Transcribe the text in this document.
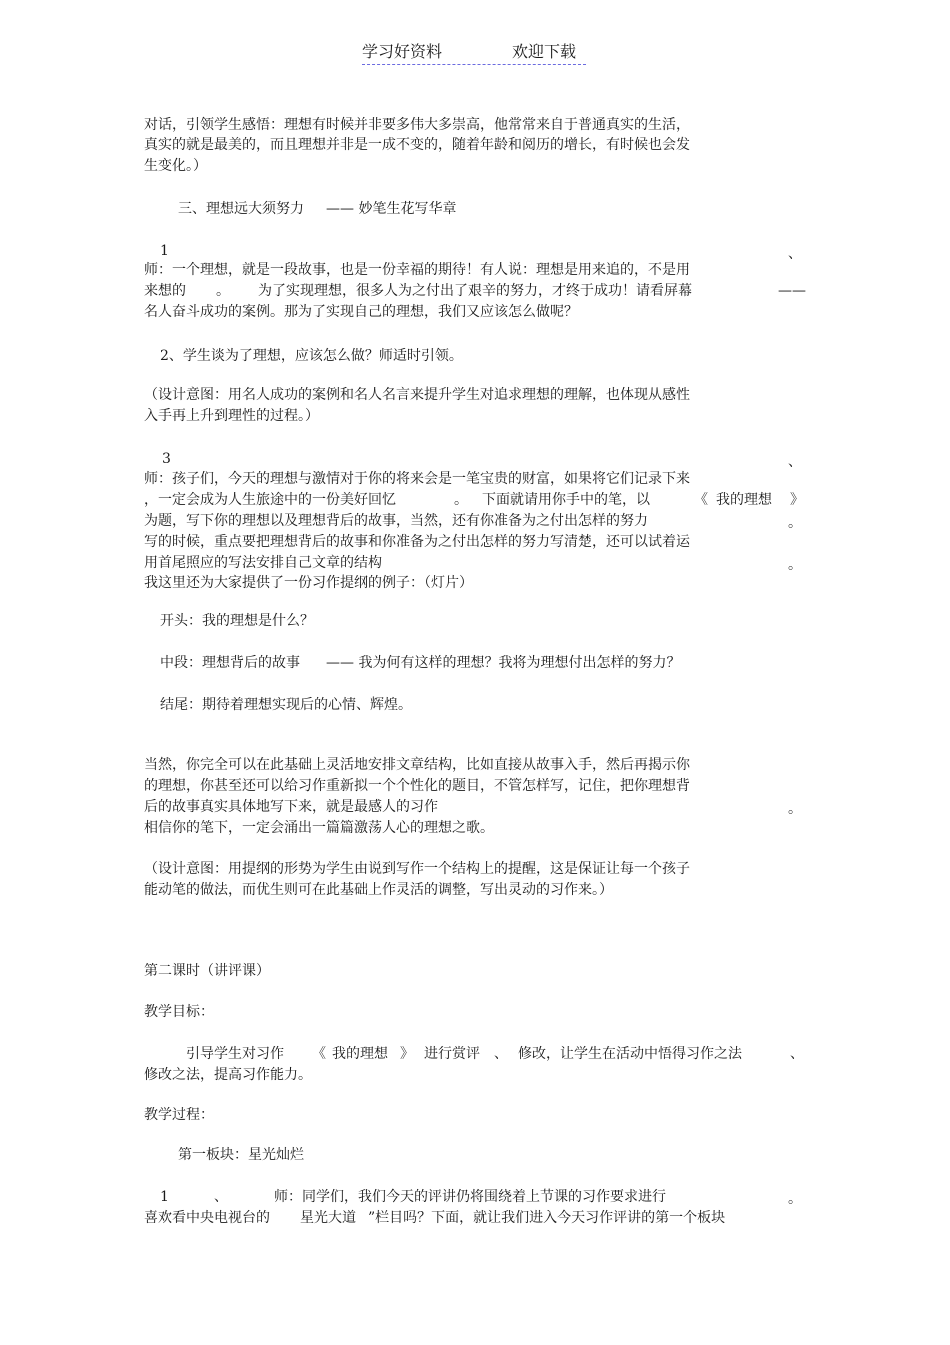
学习好资料	欢迎下载
对话，引领学生感悟：理想有时候并非要多伟大多崇高，他常常来自于普通真实的生活，
真实的就是最美的，而且理想并非是一成不变的，随着年龄和阅历的增长，有时候也会发
生变化。）
三、理想远大须努力 —— 妙笔生花写华章
1	、
师：一个理想，就是一段故事，也是一份幸福的期待！有人说：理想是用来追的，不是用
来想的 。 为了实现理想，很多人为之付出了艰辛的努力，才终于成功！请看屏幕	——
名人奋斗成功的案例。那为了实现自己的理想，我们又应该怎么做呢？
2、学生谈为了理想，应该怎么做？师适时引领。
（设计意图：用名人成功的案例和名人名言来提升学生对追求理想的理解，也体现从感性
入手再上升到理性的过程。）
3	、
师：孩子们，今天的理想与激情对于你的将来会是一笔宝贵的财富，如果将它们记录下来
，一定会成为人生旅途中的一份美好回忆	。 下面就请用你手中的笔，以	《 我的理想 》
为题，写下你的理想以及理想背后的故事，当然，还有你准备为之付出怎样的努力	。
写的时候，重点要把理想背后的故事和你准备为之付出怎样的努力写清楚，还可以试着运
用首尾照应的写法安排自己文章的结构	。
我这里还为大家提供了一份习作提纲的例子：（灯片）
开头：我的理想是什么？
中段：理想背后的故事 —— 我为何有这样的理想？我将为理想付出怎样的努力？
结尾：期待着理想实现后的心情、辉煌。
当然，你完全可以在此基础上灵活地安排文章结构，比如直接从故事入手，然后再揭示你
的理想，你甚至还可以给习作重新拟一个个性化的题目，不管怎样写，记住，把你理想背
后的故事真实具体地写下来，就是最感人的习作	。
相信你的笔下，一定会涌出一篇篇激荡人心的理想之歌。
（设计意图：用提纲的形势为学生由说到写作一个结构上的提醒，这是保证让每一个孩子
能动笔的做法，而优生则可在此基础上作灵活的调整，写出灵动的习作来。）
第二课时（讲评课）
教学目标：
引导学生对习作 《 我的理想 》 进行赏评 、 修改，让学生在活动中悟得习作之法	、
修改之法，提高习作能力。
教学过程：
第一板块：星光灿烂
1	、	师：同学们，我们今天的评讲仍将围绕着上节课的习作要求进行	。
喜欢看中央电视台的 星光大道 ”栏目吗？下面，就让我们进入今天习作评讲的第一个板块
